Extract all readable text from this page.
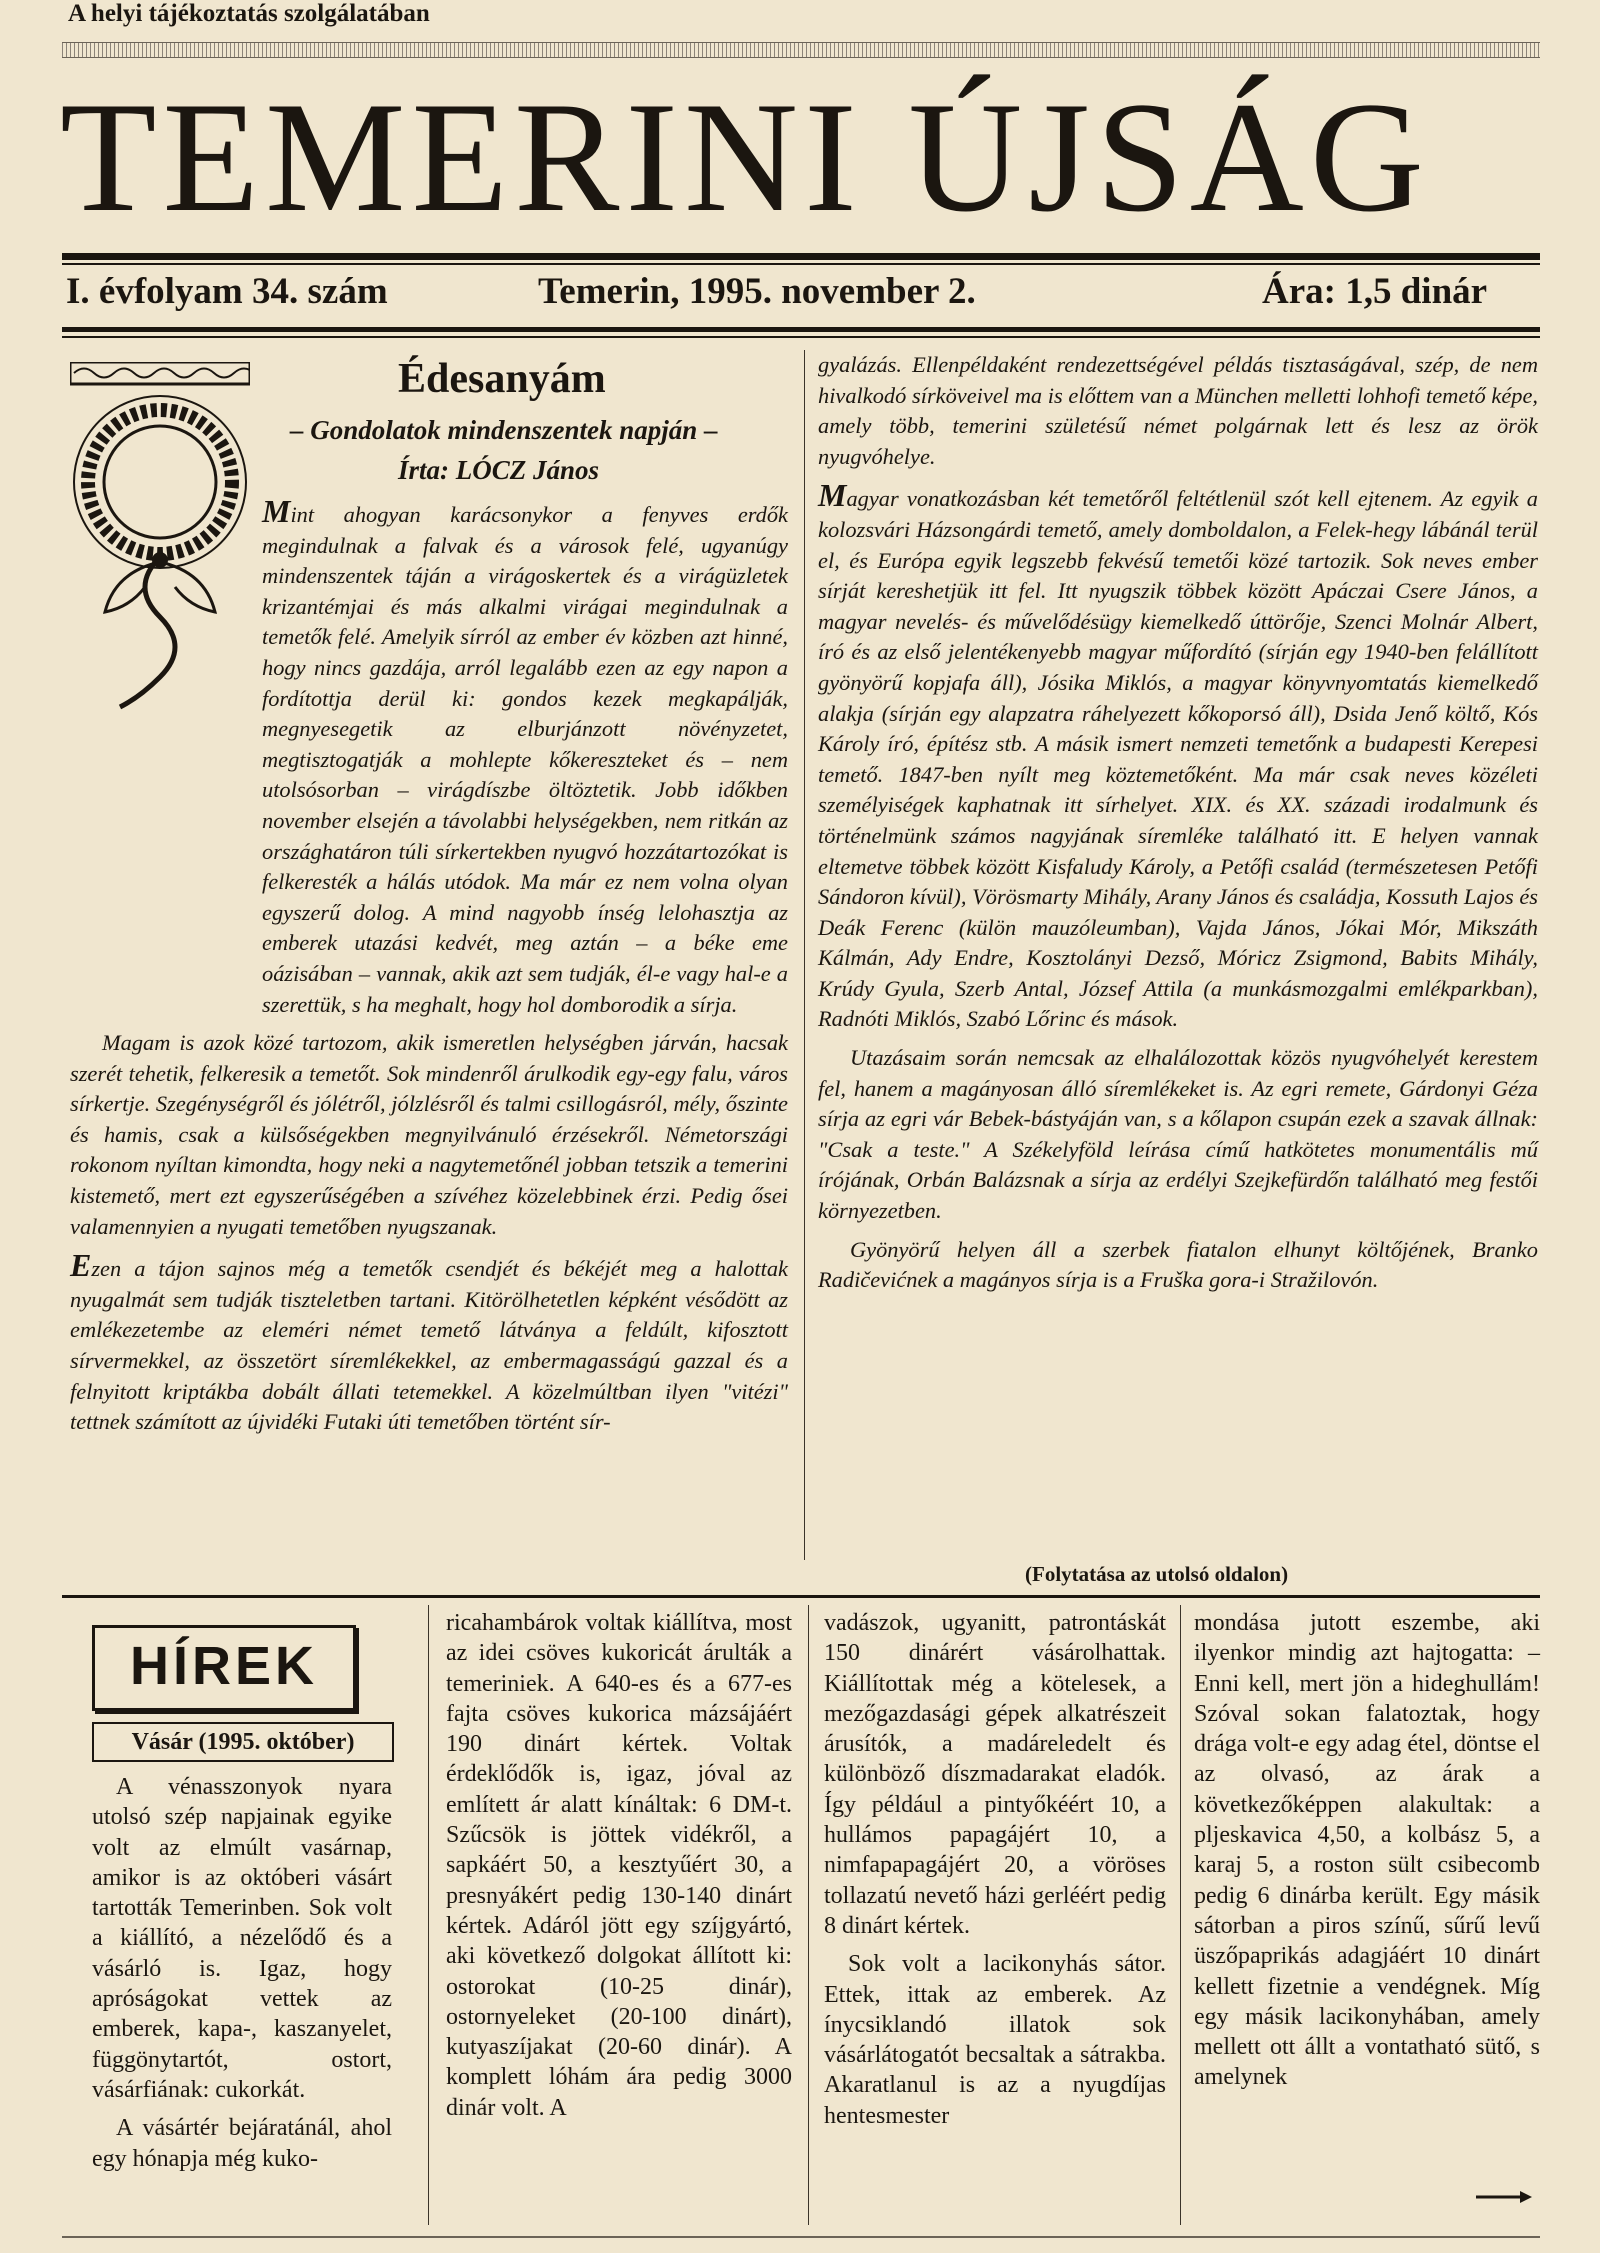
A helyi tájékoztatás szolgálatában
TEMERINI ÚJSÁG
I. évfolyam 34. szám	Temerin, 1995. november 2.	Ára: 1,5 dinár
Édesanyám
– Gondolatok mindenszentek napján –
Írta: LÓCZ János

Mint ahogyan karácsonykor a fenyves erdők megindulnak a falvak és a városok felé, ugyanúgy mindenszentek táján a virágoskertek és a virágüzletek krizantémjai és más alkalmi virágai megindulnak a temetők felé. Amelyik sírról az ember év közben azt hinné, hogy nincs gazdája, arról legalább ezen az egy napon a fordítottja derül ki: gondos kezek megkapálják, megnyesegetik az elburjánzott növényzetet, megtisztogatják a mohlepte kőkereszteket és – nem utolsósorban – virágdíszbe öltöztetik. Jobb időkben november elsején a távolabbi helységekben, nem ritkán az országhatáron túli sírkertekben nyugvó hozzátartozókat is felkeresték a hálás utódok. Ma már ez nem volna olyan egyszerű dolog. A mind nagyobb ínség lelohasztja az emberek utazási kedvét, meg aztán – a béke eme oázisában – vannak, akik azt sem tudják, él-e vagy hal-e a szerettük, s ha meghalt, hogy hol domborodik a sírja.

Magam is azok közé tartozom, akik ismeretlen helységben járván, hacsak szerét tehetik, felkeresik a temetőt. Sok mindenről árulkodik egy-egy falu, város sírkertje. Szegénységről és jólétről, jólzlésről és talmi csillogásról, mély, őszinte és hamis, csak a külsőségekben megnyilvánuló érzésekről. Németországi rokonom nyíltan kimondta, hogy neki a nagytemetőnél jobban tetszik a temerini kistemető, mert ezt egyszerűségében a szívéhez közelebbinek érzi. Pedig ősei valamennyien a nyugati temetőben nyugszanak.

Ezen a tájon sajnos még a temetők csendjét és békéjét meg a halottak nyugalmát sem tudják tiszteletben tartani. Kitörölhetetlen képként vésődött az emlékezetembe az eleméri német temető látványa a feldúlt, kifosztott sírvermekkel, az összetört síremlékekkel, az embermagasságú gazzal és a felnyitott kriptákba dobált állati tetemekkel. A közelmúltban ilyen "vitézi" tettnek számított az újvidéki Futaki úti temetőben történt sír-

gyalázás. Ellenpéldaként rendezettségével példás tisztaságával, szép, de nem hivalkodó sírköveivel ma is előttem van a München melletti lohhofi temető képe, amely több, temerini születésű német polgárnak lett és lesz az örök nyugvóhelye.

Magyar vonatkozásban két temetőről feltétlenül szót kell ejtenem. Az egyik a kolozsvári Házsongárdi temető, amely domboldalon, a Felek-hegy lábánál terül el, és Európa egyik legszebb fekvésű temetői közé tartozik. Sok neves ember sírját kereshetjük itt fel. Itt nyugszik többek között Apáczai Csere János, a magyar nevelés- és művelődésügy kiemelkedő úttörője, Szenci Molnár Albert, író és az első jelentékenyebb magyar műfordító (sírján egy 1940-ben felállított gyönyörű kopjafa áll), Jósika Miklós, a magyar könyvnyomtatás kiemelkedő alakja (sírján egy alapzatra ráhelyezett kőkoporsó áll), Dsida Jenő költő, Kós Károly író, építész stb. A másik ismert nemzeti temetőnk a budapesti Kerepesi temető. 1847-ben nyílt meg köztemetőként. Ma már csak neves közéleti személyiségek kaphatnak itt sírhelyet. XIX. és XX. századi irodalmunk és történelmünk számos nagyjának síremléke található itt. E helyen vannak eltemetve többek között Kisfaludy Károly, a Petőfi család (természetesen Petőfi Sándoron kívül), Vörösmarty Mihály, Arany János és családja, Kossuth Lajos és Deák Ferenc (külön mauzóleumban), Vajda János, Jókai Mór, Mikszáth Kálmán, Ady Endre, Kosztolányi Dezső, Móricz Zsigmond, Babits Mihály, Krúdy Gyula, Szerb Antal, József Attila (a munkásmozgalmi emlékparkban), Radnóti Miklós, Szabó Lőrinc és mások.

Utazásaim során nemcsak az elhalálozottak közös nyugvóhelyét kerestem fel, hanem a magányosan álló síremlékeket is. Az egri remete, Gárdonyi Géza sírja az egri vár Bebek-bástyáján van, s a kőlapon csupán ezek a szavak állnak: "Csak a teste." A Székelyföld leírása című hatkötetes monumentális mű írójának, Orbán Balázsnak a sírja az erdélyi Szejkefürdőn található meg festői környezetben.

Gyönyörű helyen áll a szerbek fiatalon elhunyt költőjének, Branko Radičevićnek a magányos sírja is a Fruška gora-i Stražilovón.

(Folytatása az utolsó oldalon)
HÍREK
Vásár (1995. október)

A vénasszonyok nyara utolsó szép napjainak egyike volt az elmúlt vasárnap, amikor is az októberi vásárt tartották Temerinben. Sok volt a kiállító, a nézelődő és a vásárló is. Igaz, hogy apróságokat vettek az emberek, kapa-, kaszanyelet, függönytartót, ostort, vásárfiának: cukorkát.

A vásártér bejáratánál, ahol egy hónapja még kuko-

ricahambárok voltak kiállítva, most az idei csöves kukoricát árulták a temeriniek. A 640-es és a 677-es fajta csöves kukorica mázsájáért 190 dinárt kértek. Voltak érdeklődők is, igaz, jóval az említett ár alatt kínáltak: 6 DM-t. Szűcsök is jöttek vidékről, a sapkáért 50, a kesztyűért 30, a presnyákért pedig 130-140 dinárt kértek. Adáról jött egy szíjgyártó, aki következő dolgokat állított ki: ostorokat (10-25 dinár), ostornyeleket (20-100 dinárt), kutyaszíjakat (20-60 dinár). A komplett lóhám ára pedig 3000 dinár volt. A

vadászok, ugyanitt, patrontáskát 150 dinárért vásárolhattak. Kiállítottak még a kötelesek, a mezőgazdasági gépek alkatrészeit árusítók, a madáreledelt és különböző díszmadarakat eladók. Így például a pintyőkéért 10, a hullámos papagájért 10, a nimfapapagájért 20, a vöröses tollazatú nevető házi gerléért pedig 8 dinárt kértek.

Sok volt a lacikonyhás sátor. Ettek, ittak az emberek. Az ínycsiklandó illatok sok vásárlátogatót becsaltak a sátrakba. Akaratlanul is az a nyugdíjas hentesmester

mondása jutott eszembe, aki ilyenkor mindig azt hajtogatta: – Enni kell, mert jön a hideghullám! Szóval sokan falatoztak, hogy drága volt-e egy adag étel, döntse el az olvasó, az árak a következőképpen alakultak: a pljeskavica 4,50, a kolbász 5, a karaj 5, a roston sült csibecomb pedig 6 dinárba került. Egy másik sátorban a piros színű, sűrű levű üszőpaprikás adagjáért 10 dinárt kellett fizetnie a vendégnek. Míg egy másik lacikonyhában, amely mellett ott állt a vontatható sütő, s amelynek
